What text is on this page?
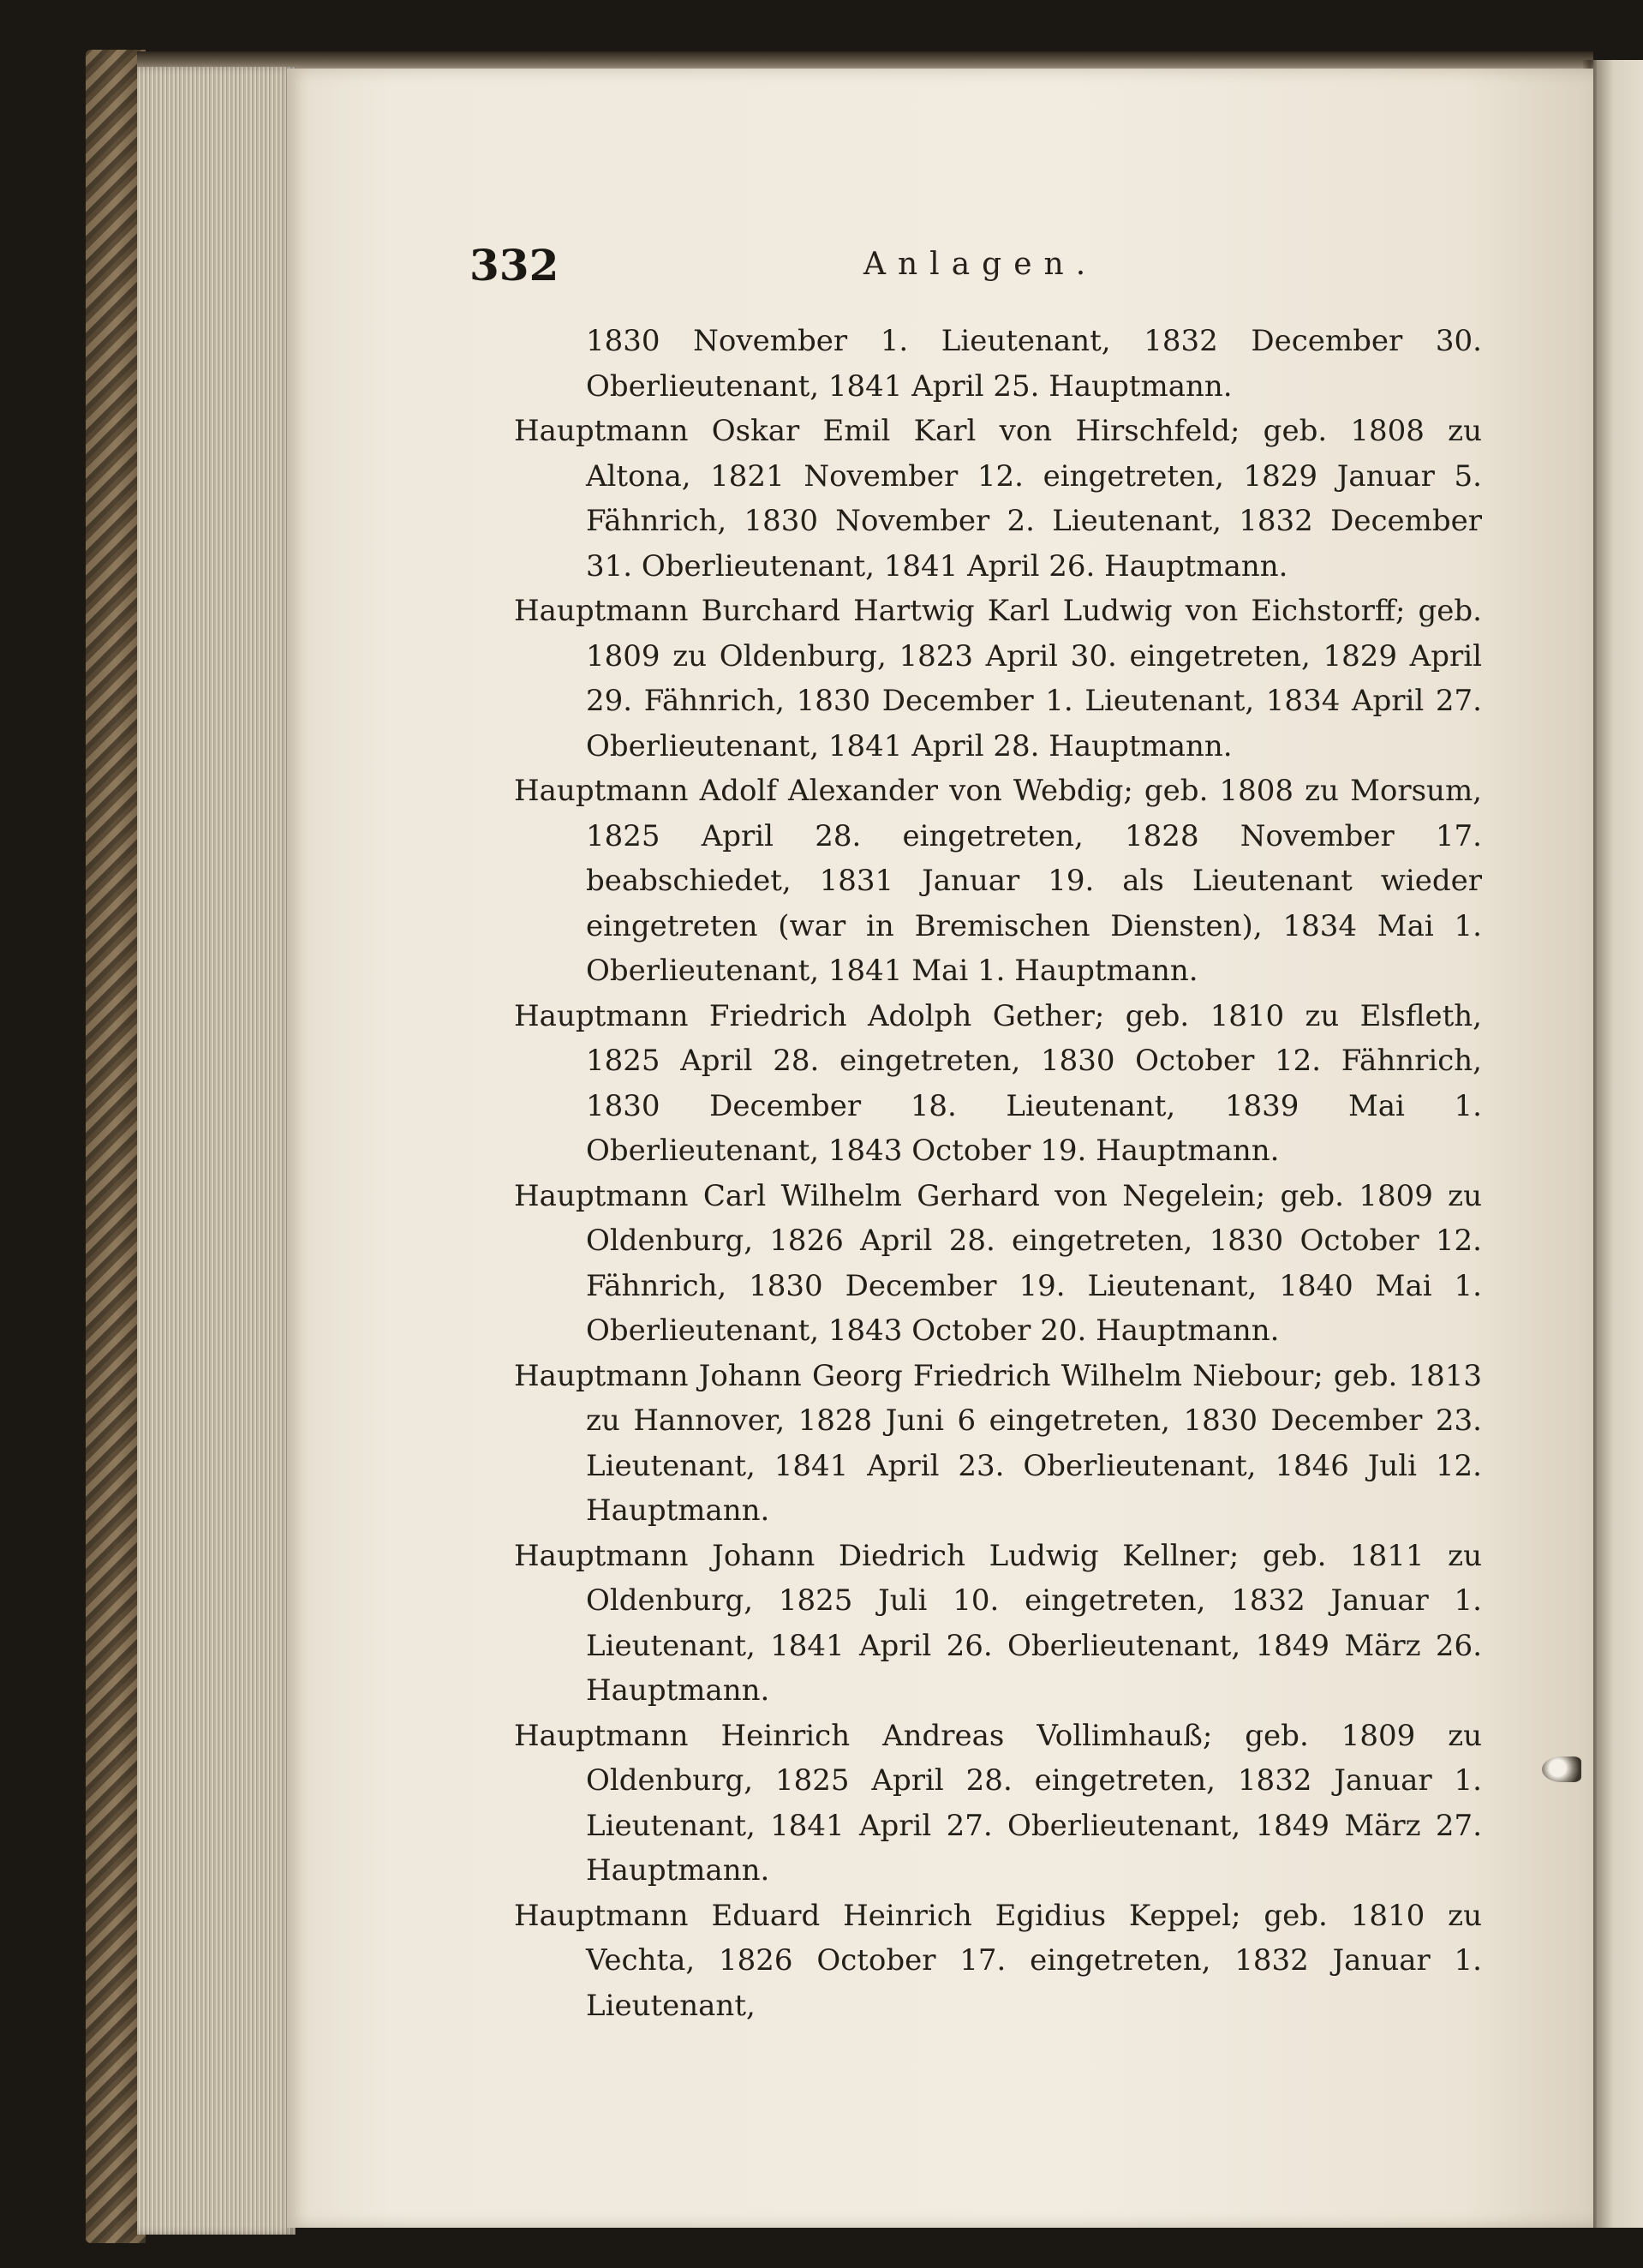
332	Anlagen.

1830 November 1. Lieutenant, 1832 December 30. Oberlieutenant, 1841 April 25. Hauptmann.

Hauptmann Oskar Emil Karl von Hirschfeld; geb. 1808 zu Altona, 1821 November 12. eingetreten, 1829 Januar 5. Fähnrich, 1830 November 2. Lieutenant, 1832 December 31. Oberlieutenant, 1841 April 26. Hauptmann.

Hauptmann Burchard Hartwig Karl Ludwig von Eichstorff; geb. 1809 zu Oldenburg, 1823 April 30. eingetreten, 1829 April 29. Fähnrich, 1830 December 1. Lieutenant, 1834 April 27. Oberlieutenant, 1841 April 28. Hauptmann.

Hauptmann Adolf Alexander von Webdig; geb. 1808 zu Morsum, 1825 April 28. eingetreten, 1828 November 17. beabschiedet, 1831 Januar 19. als Lieutenant wieder eingetreten (war in Bremischen Diensten), 1834 Mai 1. Oberlieutenant, 1841 Mai 1. Hauptmann.

Hauptmann Friedrich Adolph Gether; geb. 1810 zu Elsfleth, 1825 April 28. eingetreten, 1830 October 12. Fähnrich, 1830 December 18. Lieutenant, 1839 Mai 1. Oberlieutenant, 1843 October 19. Hauptmann.

Hauptmann Carl Wilhelm Gerhard von Negelein; geb. 1809 zu Oldenburg, 1826 April 28. eingetreten, 1830 October 12. Fähnrich, 1830 December 19. Lieutenant, 1840 Mai 1. Oberlieutenant, 1843 October 20. Hauptmann.

Hauptmann Johann Georg Friedrich Wilhelm Niebour; geb. 1813 zu Hannover, 1828 Juni 6 eingetreten, 1830 December 23. Lieutenant, 1841 April 23. Oberlieutenant, 1846 Juli 12. Hauptmann.

Hauptmann Johann Diedrich Ludwig Kellner; geb. 1811 zu Oldenburg, 1825 Juli 10. eingetreten, 1832 Januar 1. Lieutenant, 1841 April 26. Oberlieutenant, 1849 März 26. Hauptmann.

Hauptmann Heinrich Andreas Vollimhauß; geb. 1809 zu Oldenburg, 1825 April 28. eingetreten, 1832 Januar 1. Lieutenant, 1841 April 27. Oberlieutenant, 1849 März 27. Hauptmann.

Hauptmann Eduard Heinrich Egidius Keppel; geb. 1810 zu Vechta, 1826 October 17. eingetreten, 1832 Januar 1. Lieutenant,
